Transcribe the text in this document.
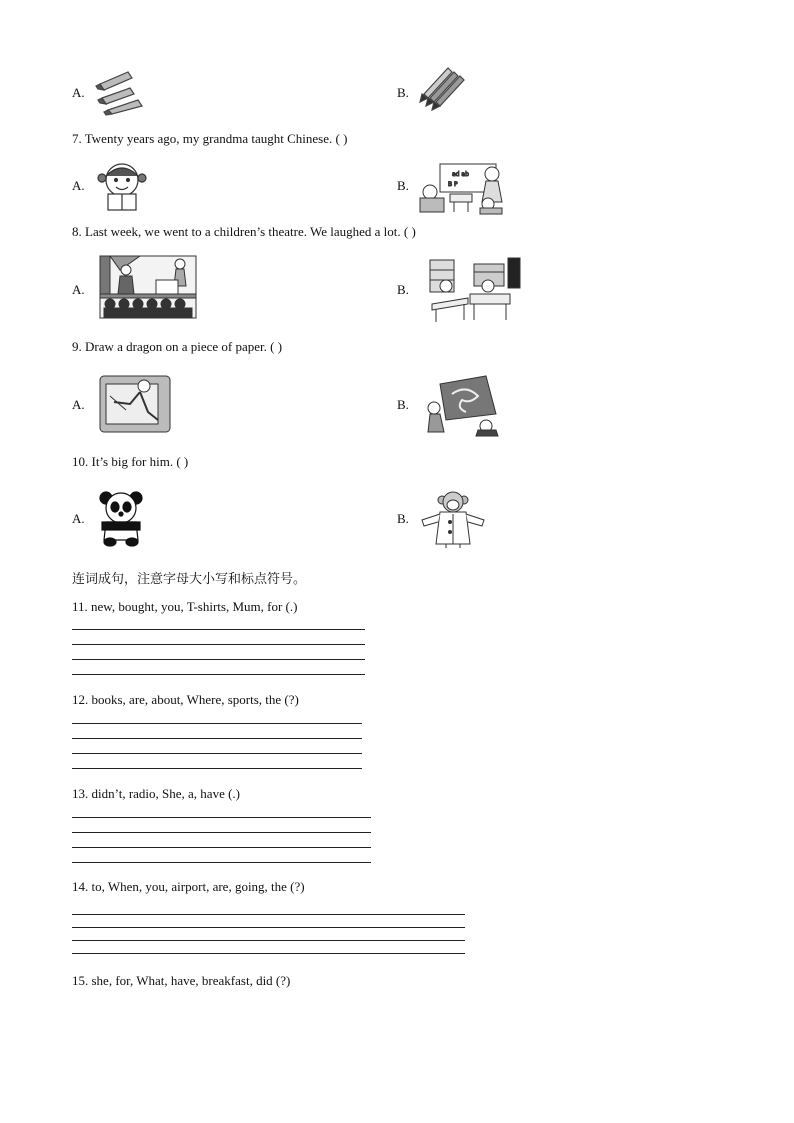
A.	B.
7. Twenty years ago, my grandma taught Chinese. ( )
A.	B.
ad ab
B P
8. Last week, we went to a children’s theatre. We laughed a lot. ( )
A.	B.
9. Draw a dragon on a piece of paper. ( )
A.	B.
10. It’s big for him. ( )
A.	B.
连词成句，注意字母大小写和标点符号。
11. new, bought, you, T-shirts, Mum, for (.)
12. books, are, about, Where, sports, the (?)
13. didn’t, radio, She, a, have (.)
14. to, When, you, airport, are, going, the (?)
15. she, for, What, have, breakfast, did (?)
